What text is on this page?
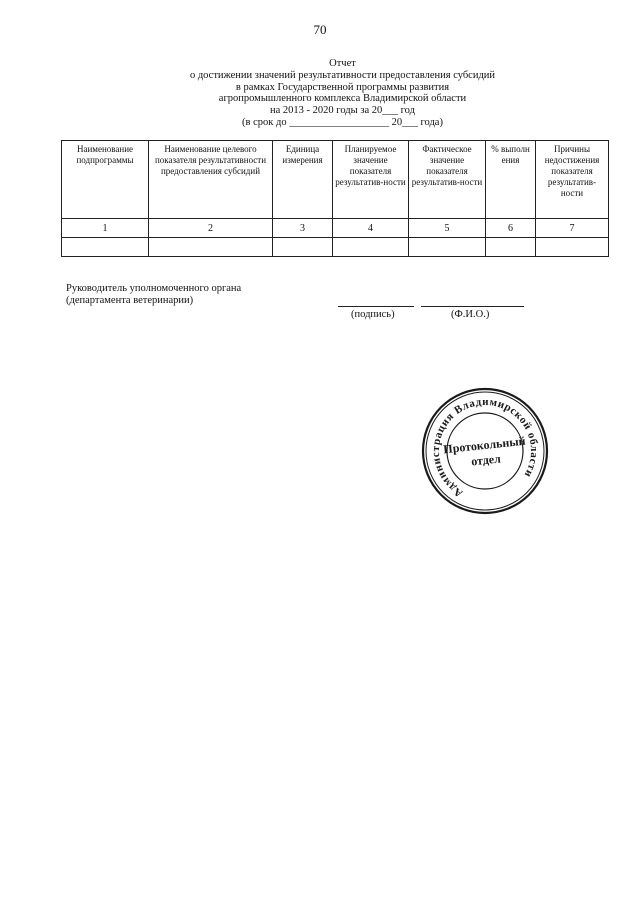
70
Отчет
о достижении значений результативности предоставления субсидий
в рамках Государственной программы развития
агропромышленного комплекса Владимирской области
на 2013 - 2020 годы за 20___ год
(в срок до ___________________ 20___ года)
Наименование подпрограммы	Наименование целевого показателя результативности предоставления субсидий	Единица измерения	Планируемое значение показателя результатив-ности	Фактическое значение показателя результатив-ности	% выполн ения	Причины недостижения показателя результатив-ности
1	2	3	4	5	6	7

Руководитель уполномоченного органа
(департамента ветеринарии)
(подпись)	(Ф.И.О.)
Администрация Владимирской области
Протокольный
отдел
